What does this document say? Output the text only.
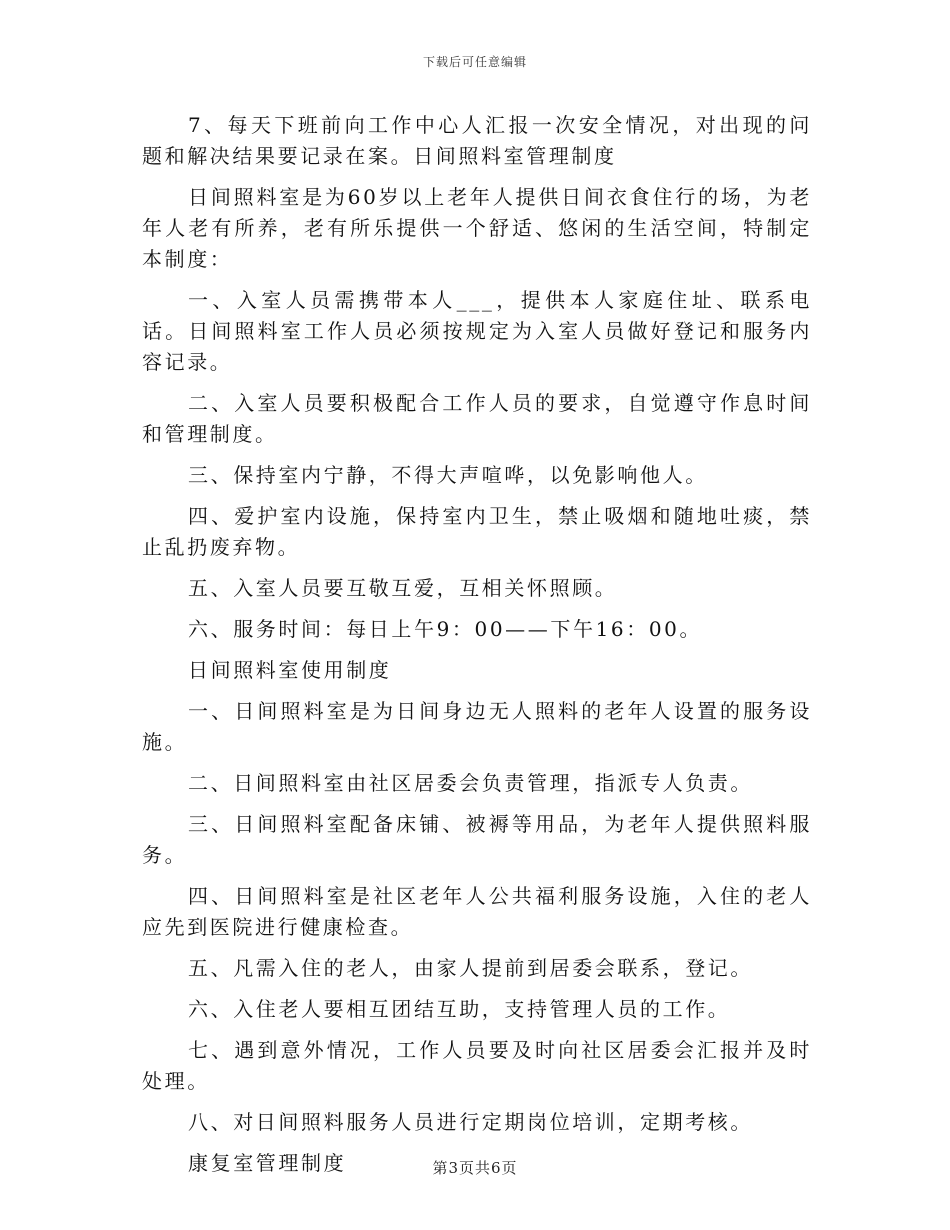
下载后可任意编辑

7、每天下班前向工作中心人汇报一次安全情况，对出现的问题和解决结果要记录在案。日间照料室管理制度

日间照料室是为60岁以上老年人提供日间衣食住行的场，为老年人老有所养，老有所乐提供一个舒适、悠闲的生活空间，特制定本制度：

一、入室人员需携带本人___，提供本人家庭住址、联系电话。日间照料室工作人员必须按规定为入室人员做好登记和服务内容记录。

二、入室人员要积极配合工作人员的要求，自觉遵守作息时间和管理制度。

三、保持室内宁静，不得大声喧哗，以免影响他人。

四、爱护室内设施，保持室内卫生，禁止吸烟和随地吐痰，禁止乱扔废弃物。

五、入室人员要互敬互爱，互相关怀照顾。

六、服务时间：每日上午9：00——下午16：00。

日间照料室使用制度

一、日间照料室是为日间身边无人照料的老年人设置的服务设施。

二、日间照料室由社区居委会负责管理，指派专人负责。

三、日间照料室配备床铺、被褥等用品，为老年人提供照料服务。

四、日间照料室是社区老年人公共福利服务设施，入住的老人应先到医院进行健康检查。

五、凡需入住的老人，由家人提前到居委会联系，登记。

六、入住老人要相互团结互助，支持管理人员的工作。

七、遇到意外情况，工作人员要及时向社区居委会汇报并及时处理。

八、对日间照料服务人员进行定期岗位培训，定期考核。

康复室管理制度	第3页共6页
